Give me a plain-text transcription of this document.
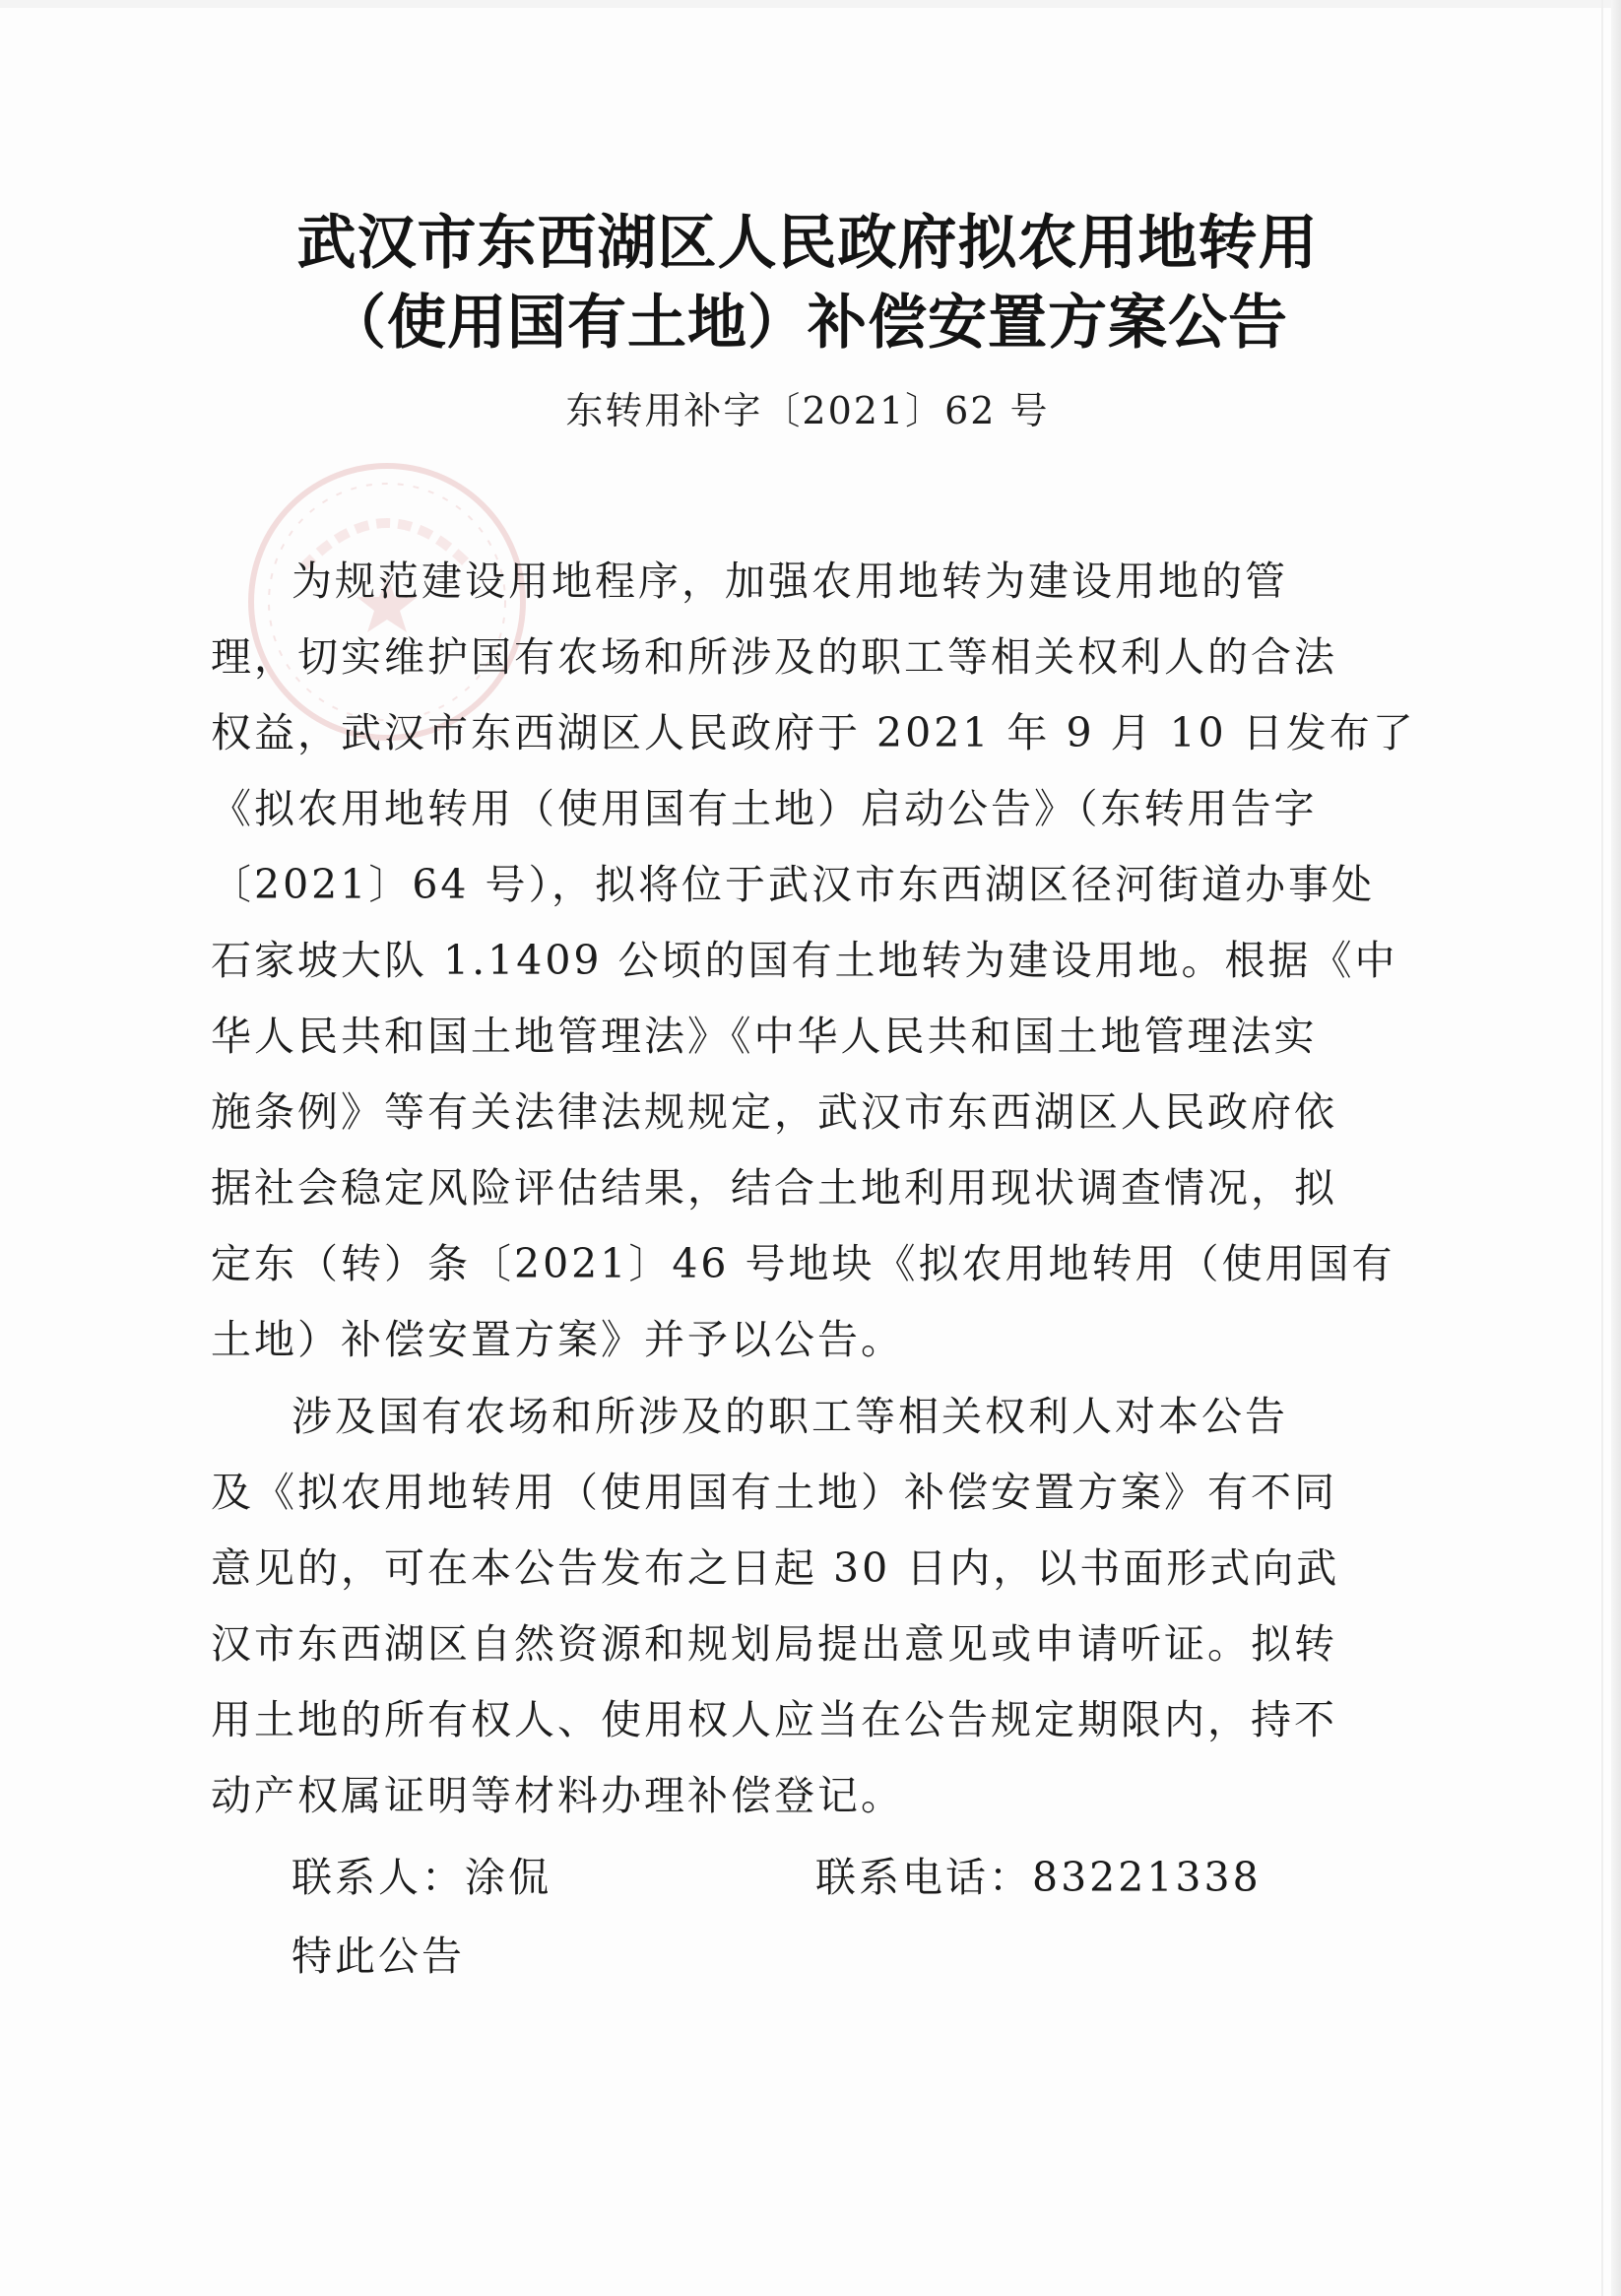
武汉市东西湖区人民政府拟农用地转用
（使用国有土地）补偿安置方案公告
东转用补字〔2021〕62 号
为规范建设用地程序，加强农用地转为建设用地的管
理，切实维护国有农场和所涉及的职工等相关权利人的合法
权益，武汉市东西湖区人民政府于 2021 年 9 月 10 日发布了
《拟农用地转用（使用国有土地）启动公告》（东转用告字
〔2021〕64 号），拟将位于武汉市东西湖区径河街道办事处
石家坡大队 1.1409 公顷的国有土地转为建设用地。根据《中
华人民共和国土地管理法》《中华人民共和国土地管理法实
施条例》等有关法律法规规定，武汉市东西湖区人民政府依
据社会稳定风险评估结果，结合土地利用现状调查情况，拟
定东（转）条〔2021〕46 号地块《拟农用地转用（使用国有
土地）补偿安置方案》并予以公告。
涉及国有农场和所涉及的职工等相关权利人对本公告
及《拟农用地转用（使用国有土地）补偿安置方案》有不同
意见的，可在本公告发布之日起 30 日内，以书面形式向武
汉市东西湖区自然资源和规划局提出意见或申请听证。拟转
用土地的所有权人、使用权人应当在公告规定期限内，持不
动产权属证明等材料办理补偿登记。
联系人：涂侃	联系电话：83221338
特此公告
